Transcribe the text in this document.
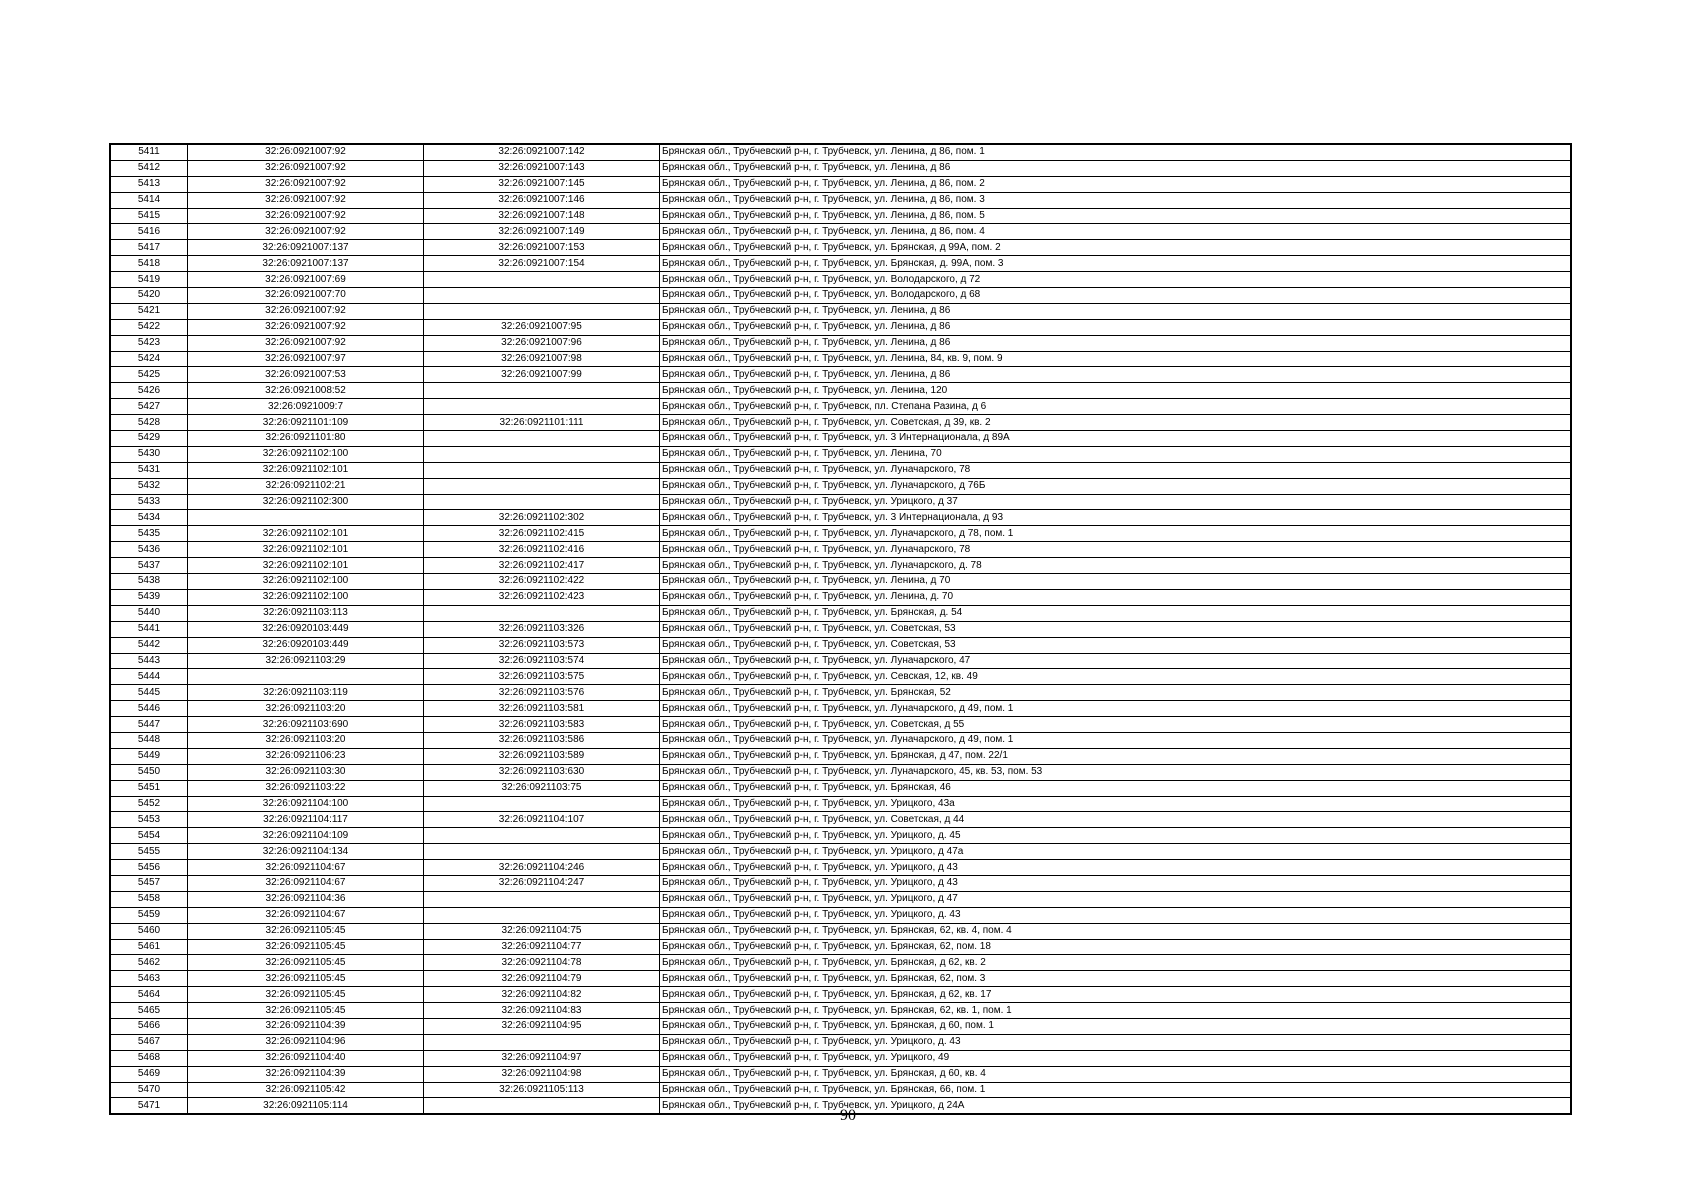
5411	32:26:0921007:92	32:26:0921007:142	Брянская обл., Трубчевский р-н, г. Трубчевск, ул. Ленина, д 86, пом. 1
5412	32:26:0921007:92	32:26:0921007:143	Брянская обл., Трубчевский р-н, г. Трубчевск, ул. Ленина, д 86
5413	32:26:0921007:92	32:26:0921007:145	Брянская обл., Трубчевский р-н, г. Трубчевск, ул. Ленина, д 86, пом. 2
5414	32:26:0921007:92	32:26:0921007:146	Брянская обл., Трубчевский р-н, г. Трубчевск, ул. Ленина, д 86, пом. 3
5415	32:26:0921007:92	32:26:0921007:148	Брянская обл., Трубчевский р-н, г. Трубчевск, ул. Ленина, д 86, пом. 5
5416	32:26:0921007:92	32:26:0921007:149	Брянская обл., Трубчевский р-н, г. Трубчевск, ул. Ленина, д 86, пом. 4
5417	32:26:0921007:137	32:26:0921007:153	Брянская обл., Трубчевский р-н, г. Трубчевск, ул. Брянская, д 99А, пом. 2
5418	32:26:0921007:137	32:26:0921007:154	Брянская обл., Трубчевский р-н, г. Трубчевск, ул. Брянская, д. 99А, пом. 3
5419	32:26:0921007:69		Брянская обл., Трубчевский р-н, г. Трубчевск, ул. Володарского, д 72
5420	32:26:0921007:70		Брянская обл., Трубчевский р-н, г. Трубчевск, ул. Володарского, д 68
5421	32:26:0921007:92		Брянская обл., Трубчевский р-н, г. Трубчевск, ул. Ленина, д 86
5422	32:26:0921007:92	32:26:0921007:95	Брянская обл., Трубчевский р-н, г. Трубчевск, ул. Ленина, д 86
5423	32:26:0921007:92	32:26:0921007:96	Брянская обл., Трубчевский р-н, г. Трубчевск, ул. Ленина, д 86
5424	32:26:0921007:97	32:26:0921007:98	Брянская обл., Трубчевский р-н, г. Трубчевск, ул. Ленина, 84, кв. 9, пом. 9
5425	32:26:0921007:53	32:26:0921007:99	Брянская обл., Трубчевский р-н, г. Трубчевск, ул. Ленина, д 86
5426	32:26:0921008:52		Брянская обл., Трубчевский р-н, г. Трубчевск, ул. Ленина, 120
5427	32:26:0921009:7		Брянская обл., Трубчевский р-н, г. Трубчевск, пл. Степана Разина, д 6
5428	32:26:0921101:109	32:26:0921101:111	Брянская обл., Трубчевский р-н, г. Трубчевск, ул. Советская, д 39, кв. 2
5429	32:26:0921101:80		Брянская обл., Трубчевский р-н, г. Трубчевск, ул. 3 Интернационала, д 89А
5430	32:26:0921102:100		Брянская обл., Трубчевский р-н, г. Трубчевск, ул. Ленина, 70
5431	32:26:0921102:101		Брянская обл., Трубчевский р-н, г. Трубчевск, ул. Луначарского, 78
5432	32:26:0921102:21		Брянская обл., Трубчевский р-н, г. Трубчевск, ул. Луначарского, д 76Б
5433	32:26:0921102:300		Брянская обл., Трубчевский р-н, г. Трубчевск, ул. Урицкого, д 37
5434		32:26:0921102:302	Брянская обл., Трубчевский р-н, г. Трубчевск, ул. 3 Интернационала, д 93
5435	32:26:0921102:101	32:26:0921102:415	Брянская обл., Трубчевский р-н, г. Трубчевск, ул. Луначарского, д 78, пом. 1
5436	32:26:0921102:101	32:26:0921102:416	Брянская обл., Трубчевский р-н, г. Трубчевск, ул. Луначарского, 78
5437	32:26:0921102:101	32:26:0921102:417	Брянская обл., Трубчевский р-н, г. Трубчевск, ул. Луначарского, д. 78
5438	32:26:0921102:100	32:26:0921102:422	Брянская обл., Трубчевский р-н, г. Трубчевск, ул. Ленина, д 70
5439	32:26:0921102:100	32:26:0921102:423	Брянская обл., Трубчевский р-н, г. Трубчевск, ул. Ленина, д. 70
5440	32:26:0921103:113		Брянская обл., Трубчевский р-н, г. Трубчевск, ул. Брянская, д. 54
5441	32:26:0920103:449	32:26:0921103:326	Брянская обл., Трубчевский р-н, г. Трубчевск, ул. Советская, 53
5442	32:26:0920103:449	32:26:0921103:573	Брянская обл., Трубчевский р-н, г. Трубчевск, ул. Советская, 53
5443	32:26:0921103:29	32:26:0921103:574	Брянская обл., Трубчевский р-н, г. Трубчевск, ул. Луначарского, 47
5444		32:26:0921103:575	Брянская обл., Трубчевский р-н, г. Трубчевск, ул. Севская, 12, кв. 49
5445	32:26:0921103:119	32:26:0921103:576	Брянская обл., Трубчевский р-н, г. Трубчевск, ул. Брянская, 52
5446	32:26:0921103:20	32:26:0921103:581	Брянская обл., Трубчевский р-н, г. Трубчевск, ул. Луначарского, д 49, пом. 1
5447	32:26:0921103:690	32:26:0921103:583	Брянская обл., Трубчевский р-н, г. Трубчевск, ул. Советская, д 55
5448	32:26:0921103:20	32:26:0921103:586	Брянская обл., Трубчевский р-н, г. Трубчевск, ул. Луначарского, д 49, пом. 1
5449	32:26:0921106:23	32:26:0921103:589	Брянская обл., Трубчевский р-н, г. Трубчевск, ул. Брянская, д 47, пом. 22/1
5450	32:26:0921103:30	32:26:0921103:630	Брянская обл., Трубчевский р-н, г. Трубчевск, ул. Луначарского, 45, кв. 53, пом. 53
5451	32:26:0921103:22	32:26:0921103:75	Брянская обл., Трубчевский р-н, г. Трубчевск, ул. Брянская, 46
5452	32:26:0921104:100		Брянская обл., Трубчевский р-н, г. Трубчевск, ул. Урицкого, 43а
5453	32:26:0921104:117	32:26:0921104:107	Брянская обл., Трубчевский р-н, г. Трубчевск, ул. Советская, д 44
5454	32:26:0921104:109		Брянская обл., Трубчевский р-н, г. Трубчевск, ул. Урицкого, д. 45
5455	32:26:0921104:134		Брянская обл., Трубчевский р-н, г. Трубчевск, ул. Урицкого, д 47а
5456	32:26:0921104:67	32:26:0921104:246	Брянская обл., Трубчевский р-н, г. Трубчевск, ул. Урицкого, д 43
5457	32:26:0921104:67	32:26:0921104:247	Брянская обл., Трубчевский р-н, г. Трубчевск, ул. Урицкого, д 43
5458	32:26:0921104:36		Брянская обл., Трубчевский р-н, г. Трубчевск, ул. Урицкого, д 47
5459	32:26:0921104:67		Брянская обл., Трубчевский р-н, г. Трубчевск, ул. Урицкого, д. 43
5460	32:26:0921105:45	32:26:0921104:75	Брянская обл., Трубчевский р-н, г. Трубчевск, ул. Брянская, 62, кв. 4, пом. 4
5461	32:26:0921105:45	32:26:0921104:77	Брянская обл., Трубчевский р-н, г. Трубчевск, ул. Брянская, 62, пом. 18
5462	32:26:0921105:45	32:26:0921104:78	Брянская обл., Трубчевский р-н, г. Трубчевск, ул. Брянская, д 62, кв. 2
5463	32:26:0921105:45	32:26:0921104:79	Брянская обл., Трубчевский р-н, г. Трубчевск, ул. Брянская, 62, пом. 3
5464	32:26:0921105:45	32:26:0921104:82	Брянская обл., Трубчевский р-н, г. Трубчевск, ул. Брянская, д 62, кв. 17
5465	32:26:0921105:45	32:26:0921104:83	Брянская обл., Трубчевский р-н, г. Трубчевск, ул. Брянская, 62, кв. 1, пом. 1
5466	32:26:0921104:39	32:26:0921104:95	Брянская обл., Трубчевский р-н, г. Трубчевск, ул. Брянская, д 60, пом. 1
5467	32:26:0921104:96		Брянская обл., Трубчевский р-н, г. Трубчевск, ул. Урицкого, д. 43
5468	32:26:0921104:40	32:26:0921104:97	Брянская обл., Трубчевский р-н, г. Трубчевск, ул. Урицкого, 49
5469	32:26:0921104:39	32:26:0921104:98	Брянская обл., Трубчевский р-н, г. Трубчевск, ул. Брянская, д 60, кв. 4
5470	32:26:0921105:42	32:26:0921105:113	Брянская обл., Трубчевский р-н, г. Трубчевск, ул. Брянская, 66, пом. 1
5471	32:26:0921105:114		Брянская обл., Трубчевский р-н, г. Трубчевск, ул. Урицкого, д 24А
90
